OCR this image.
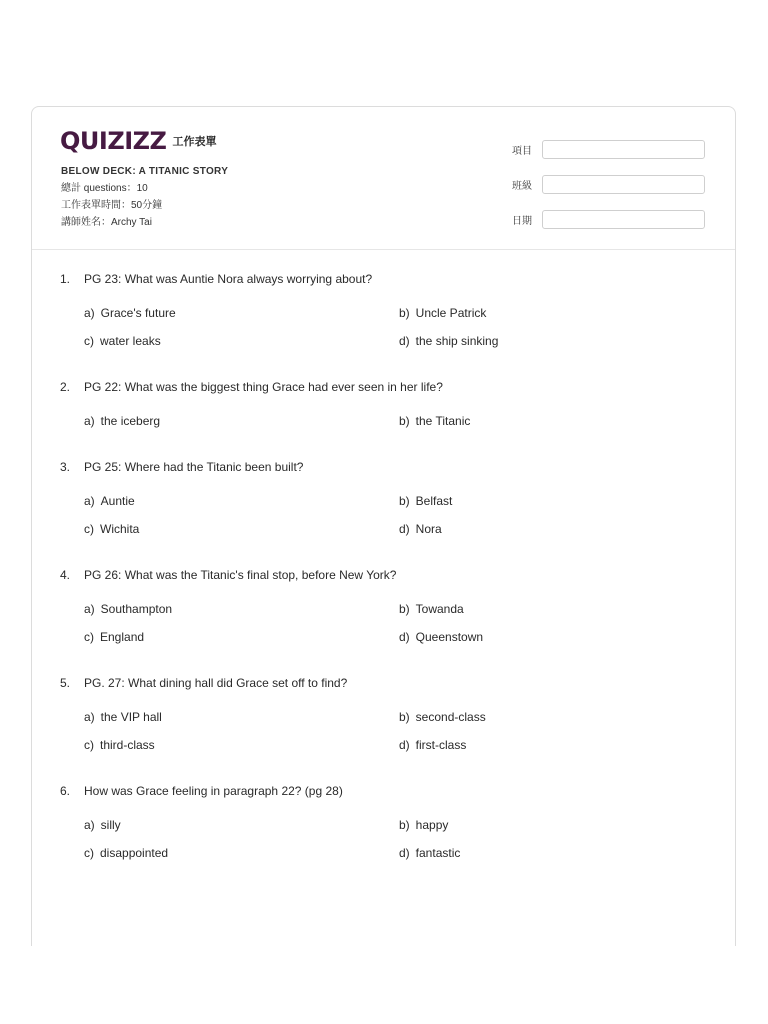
QUIZIZZ 工作表單
BELOW DECK: A TITANIC STORY
總計 questions：10
工作表單時間：50分鐘
講師姓名：Archy Tai
項目
班級
日期
1.	PG 23: What was Auntie Nora always worrying about?
a) Grace's future	b) Uncle Patrick
c) water leaks	d) the ship sinking
2.	PG 22: What was the biggest thing Grace had ever seen in her life?
a) the iceberg	b) the Titanic
3.	PG 25: Where had the Titanic been built?
a) Auntie	b) Belfast
c) Wichita	d) Nora
4.	PG 26: What was the Titanic's final stop, before New York?
a) Southampton	b) Towanda
c) England	d) Queenstown
5.	PG. 27: What dining hall did Grace set off to find?
a) the VIP hall	b) second-class
c) third-class	d) first-class
6.	How was Grace feeling in paragraph 22? (pg 28)
a) silly	b) happy
c) disappointed	d) fantastic
